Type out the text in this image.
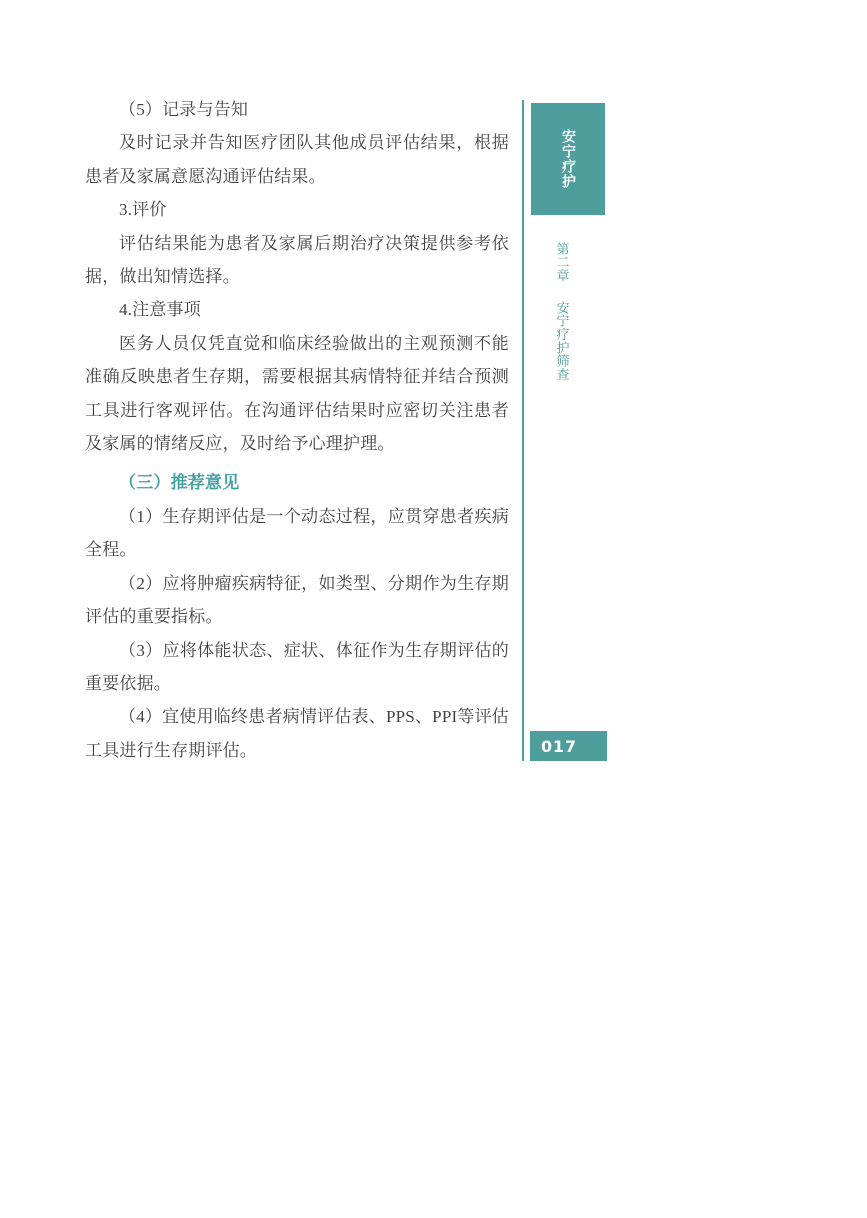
（5）记录与告知

及时记录并告知医疗团队其他成员评估结果，根据患者及家属意愿沟通评估结果。

3.评价

评估结果能为患者及家属后期治疗决策提供参考依据，做出知情选择。

4.注意事项

医务人员仅凭直觉和临床经验做出的主观预测不能准确反映患者生存期，需要根据其病情特征并结合预测工具进行客观评估。在沟通评估结果时应密切关注患者及家属的情绪反应，及时给予心理护理。

（三）推荐意见

（1）生存期评估是一个动态过程，应贯穿患者疾病全程。

（2）应将肿瘤疾病特征，如类型、分期作为生存期评估的重要指标。

（3）应将体能状态、症状、体征作为生存期评估的重要依据。

（4）宜使用临终患者病情评估表、PPS、PPI等评估工具进行生存期评估。

安宁疗护
第二章
安宁疗护筛查
017
